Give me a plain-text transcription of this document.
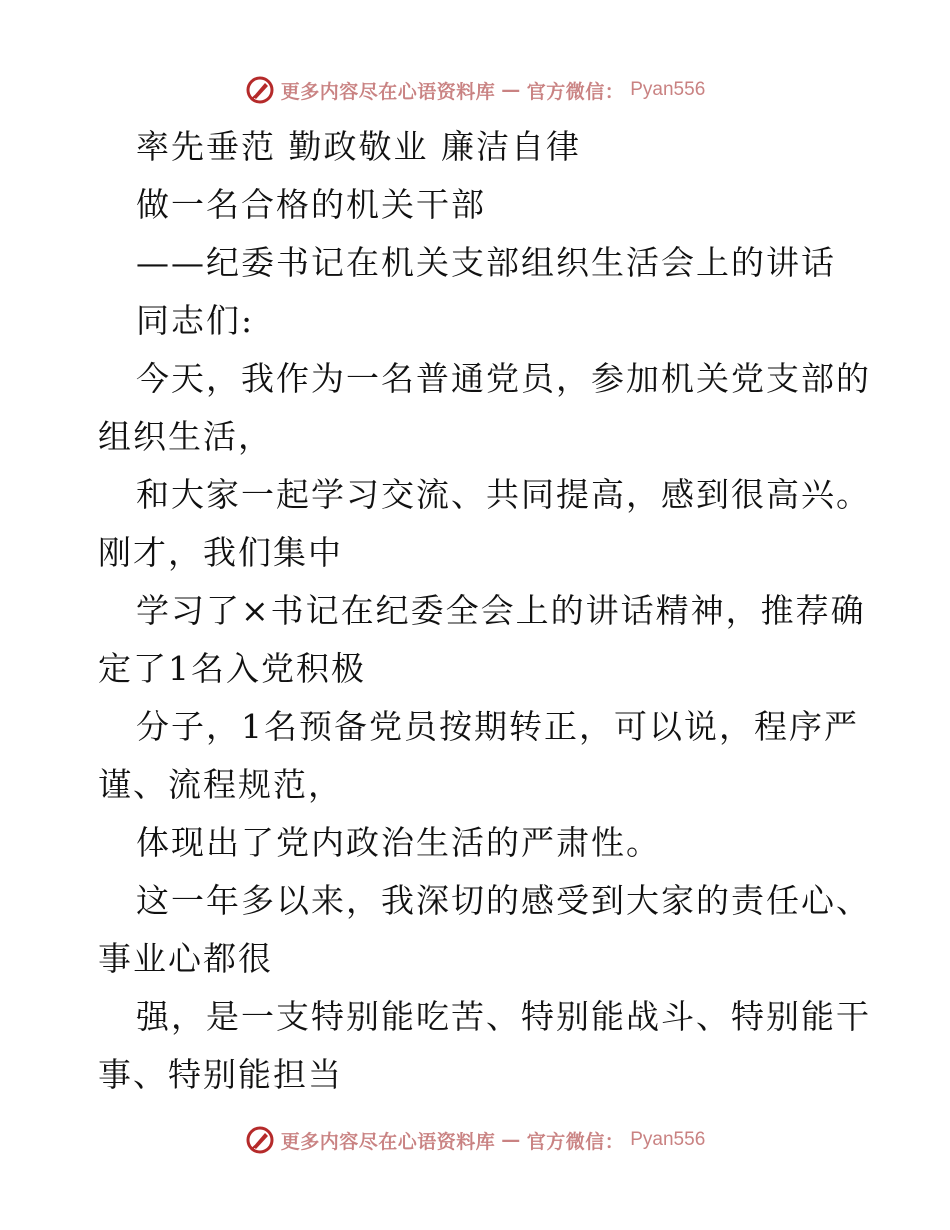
更多内容尽在心语资料库 — 官方微信： Pyan556
率先垂范 勤政敬业 廉洁自律
做一名合格的机关干部
——纪委书记在机关支部组织生活会上的讲话
同志们:
今天，我作为一名普通党员，参加机关党支部的
组织生活，
和大家一起学习交流、共同提高，感到很高兴。
刚才，我们集中
学习了×书记在纪委全会上的讲话精神，推荐确
定了1名入党积极
分子，1名预备党员按期转正，可以说，程序严
谨、流程规范，
体现出了党内政治生活的严肃性。
这一年多以来，我深切的感受到大家的责任心、
事业心都很
强，是一支特别能吃苦、特别能战斗、特别能干
事、特别能担当
更多内容尽在心语资料库 — 官方微信： Pyan556
